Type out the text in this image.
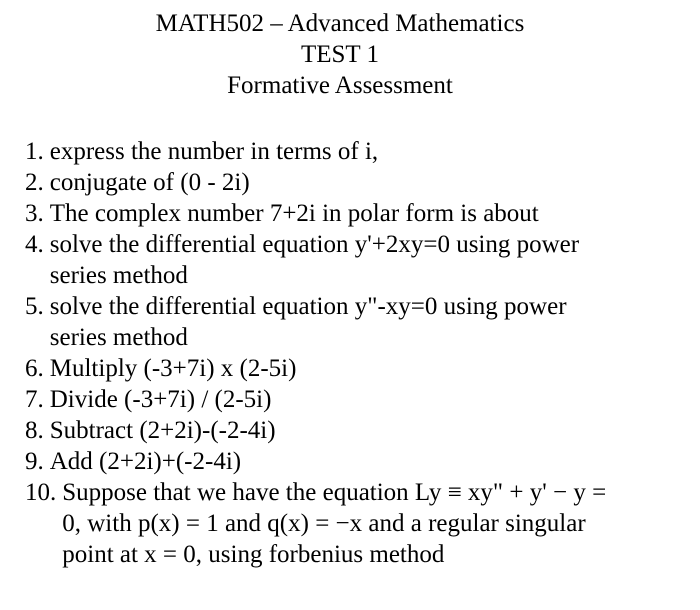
MATH502 – Advanced Mathematics
TEST 1
Formative Assessment
1. express the number in terms of i,
2. conjugate of (0 - 2i)
3. The complex number 7+2i in polar form is about
4. solve the differential equation y'+2xy=0 using power
series method
5. solve the differential equation y"-xy=0 using power
series method
6. Multiply (-3+7i) x (2-5i)
7. Divide (-3+7i) / (2-5i)
8. Subtract (2+2i)-(-2-4i)
9. Add (2+2i)+(-2-4i)
10. Suppose that we have the equation Ly ≡ xy" + y' − y =
0, with p(x) = 1 and q(x) = −x and a regular singular
point at x = 0, using forbenius method
